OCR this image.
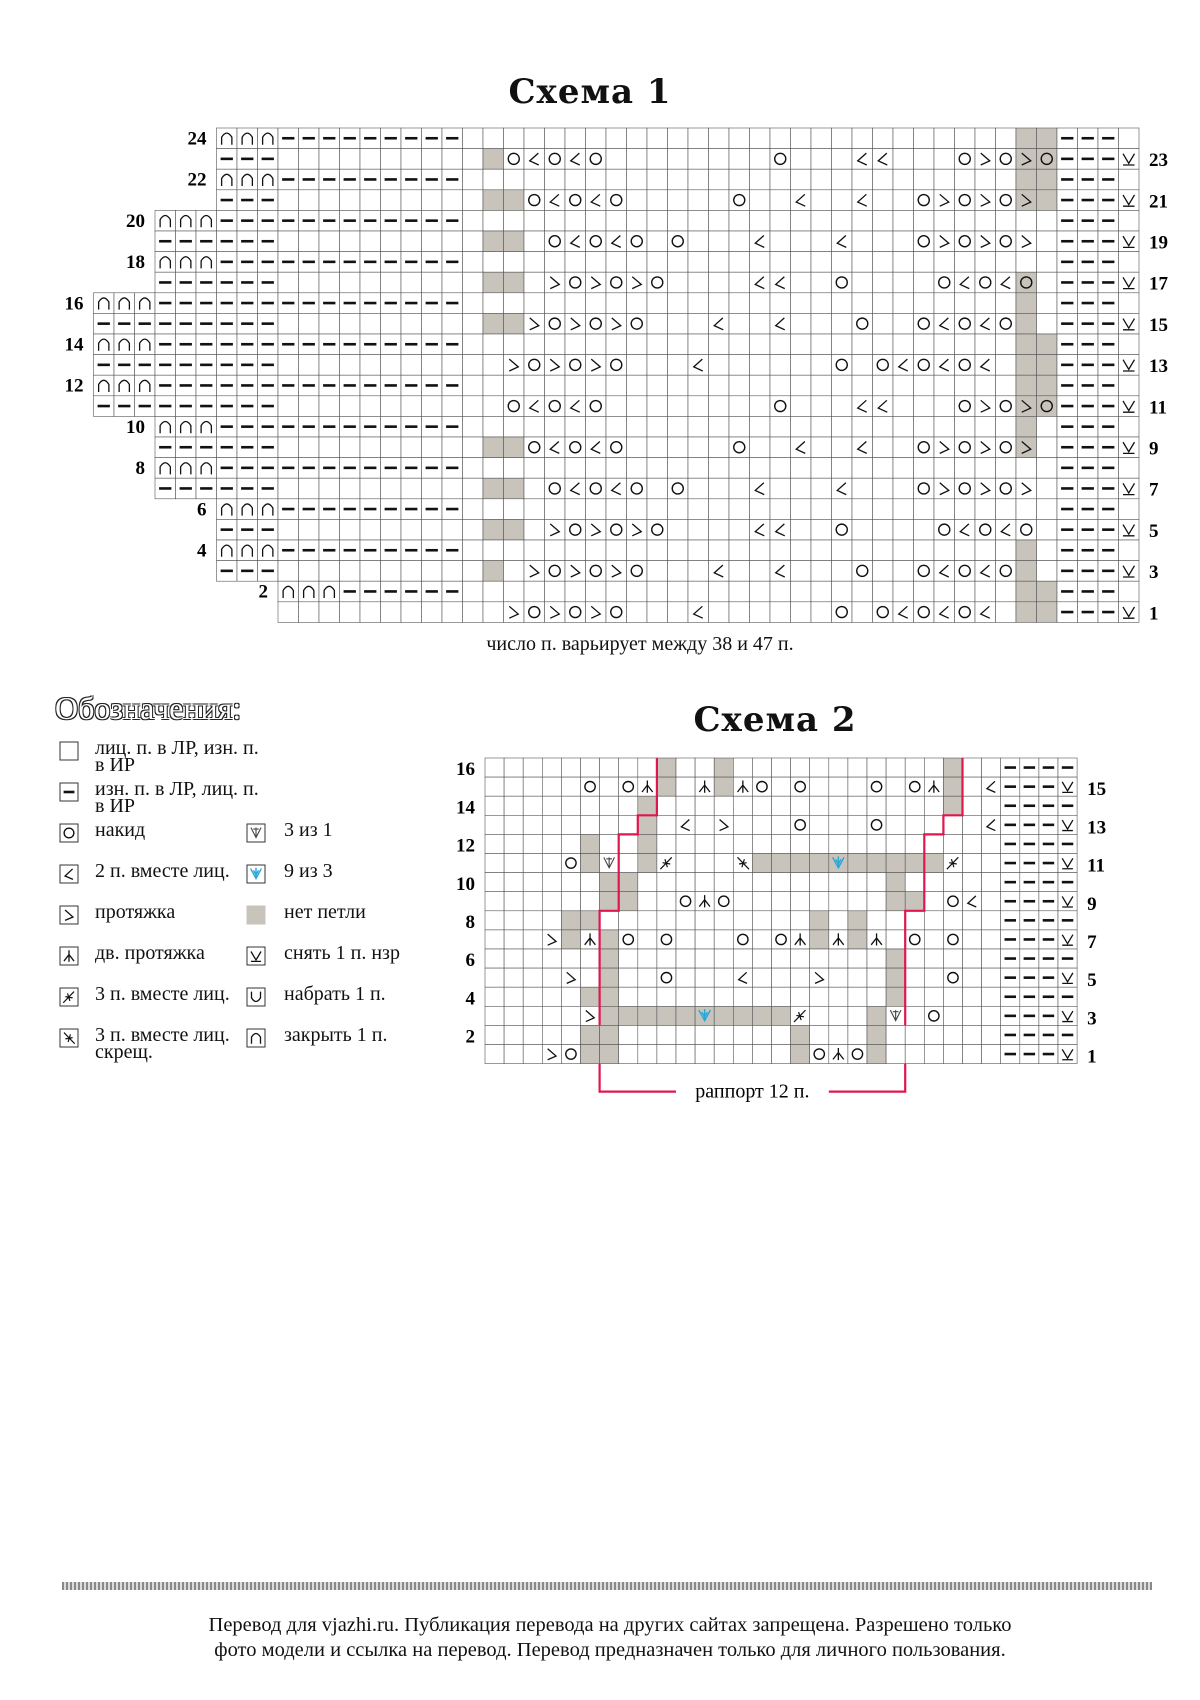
Схема 1
24
22
20
18
16
14
12
10
8
6
4
2
23
21
19
17
15
13
11
9
7
5
3
1
число п. варьирует между 38 и 47 п.
Обозначения:
лиц. п. в ЛР, изн. п. в ИР
изн. п. в ЛР, лиц. п. в ИР
накид
2 п. вместе лиц.
протяжка
дв. протяжка
3 п. вместе лиц.
3 п. вместе лиц. скрещ.
3 из 1
9 из 3
нет петли
снять 1 п. нзр
набрать 1 п.
закрыть 1 п.
Схема 2
раппорт 12 п.
16
14
12
10
8
6
4
2
15
13
11
9
7
5
3
1
Перевод для vjazhi.ru. Публикация перевода на других сайтах запрещена. Разрешено только
фото модели и ссылка на перевод. Перевод предназначен только для личного пользования.
